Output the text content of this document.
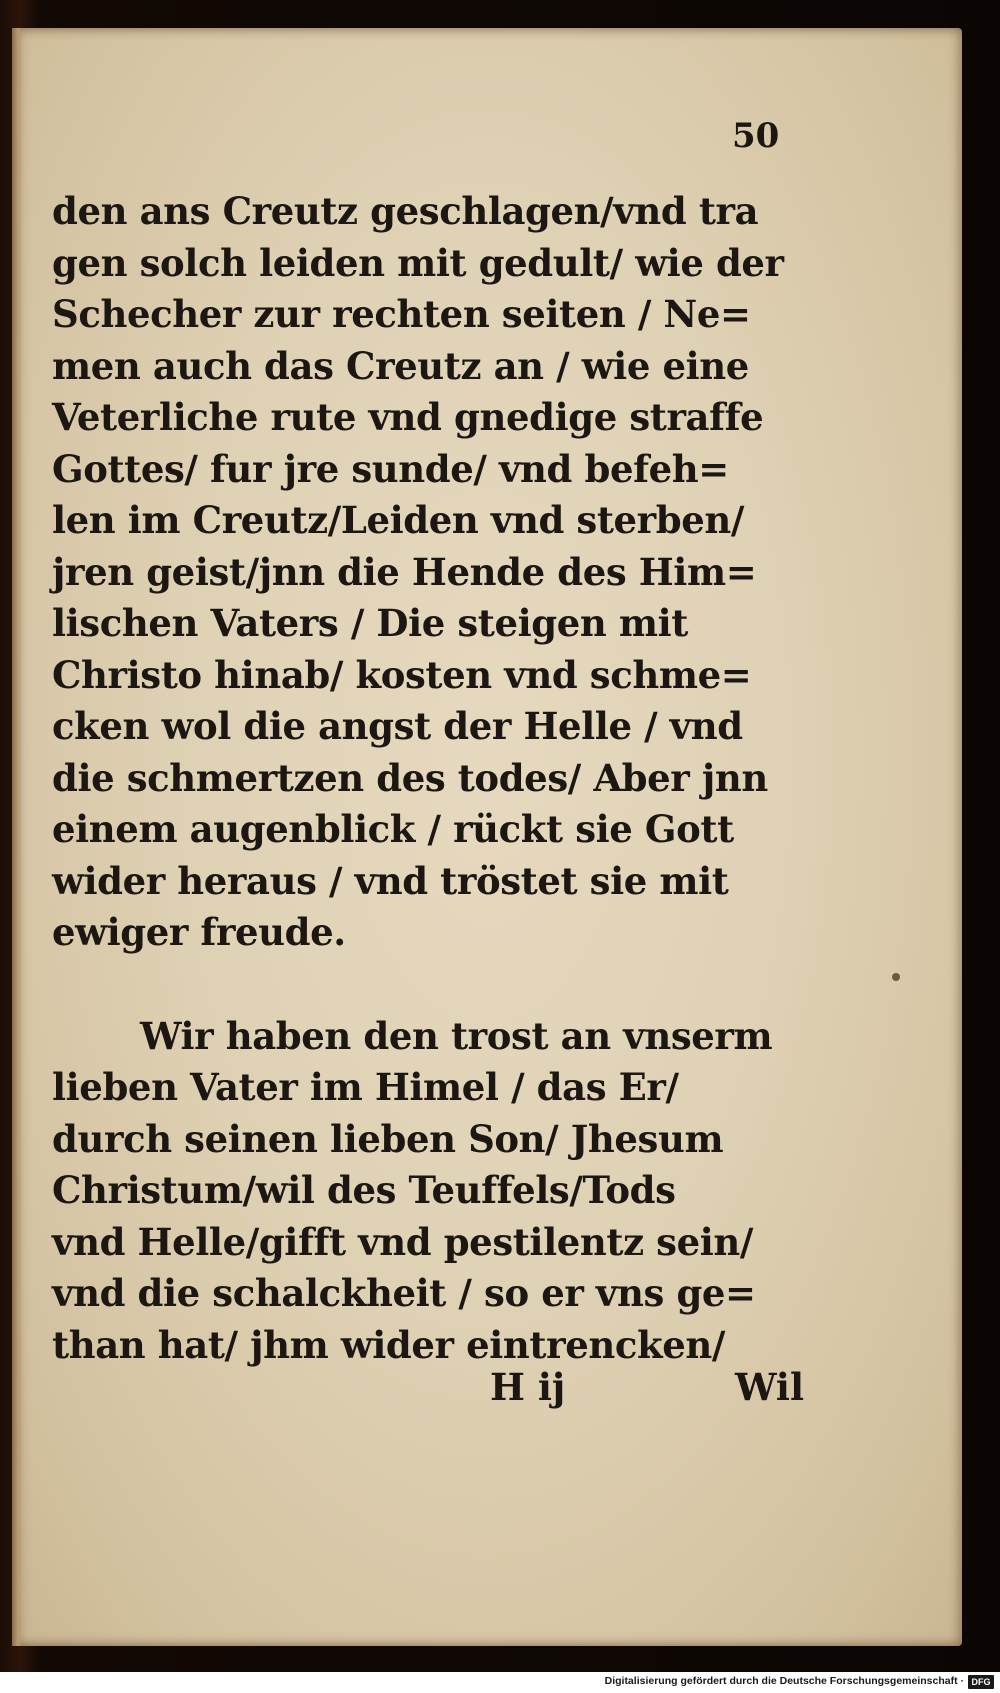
50

den ans Creutz geschlagen/vnd tra
gen solch leiden mit gedult/ wie der
Schecher zur rechten seiten / Ne=
men auch das Creutz an / wie eine
Veterliche rute vnd gnedige straffe
Gottes/ fur jre sunde/ vnd befeh=
len im Creutz/Leiden vnd sterben/
jren geist/jnn die Hende des Him=
lischen Vaters / Die steigen mit
Christo hinab/ kosten vnd schme=
cken wol die angst der Helle / vnd
die schmertzen des todes/ Aber jnn
einem augenblick / rückt sie Gott
wider heraus / vnd tröstet sie mit
ewiger freude.
Wir haben den trost an vnserm
lieben Vater im Himel / das Er/
durch seinen lieben Son/ Jhesum
Christum/wil des Teuffels/Tods
vnd Helle/gifft vnd pestilentz sein/
vnd die schalckheit / so er vns ge=
than hat/ jhm wider eintrencken/
H ij	Wil
Digitalisierung gefördert durch die Deutsche Forschungsgemeinschaft · DFG
